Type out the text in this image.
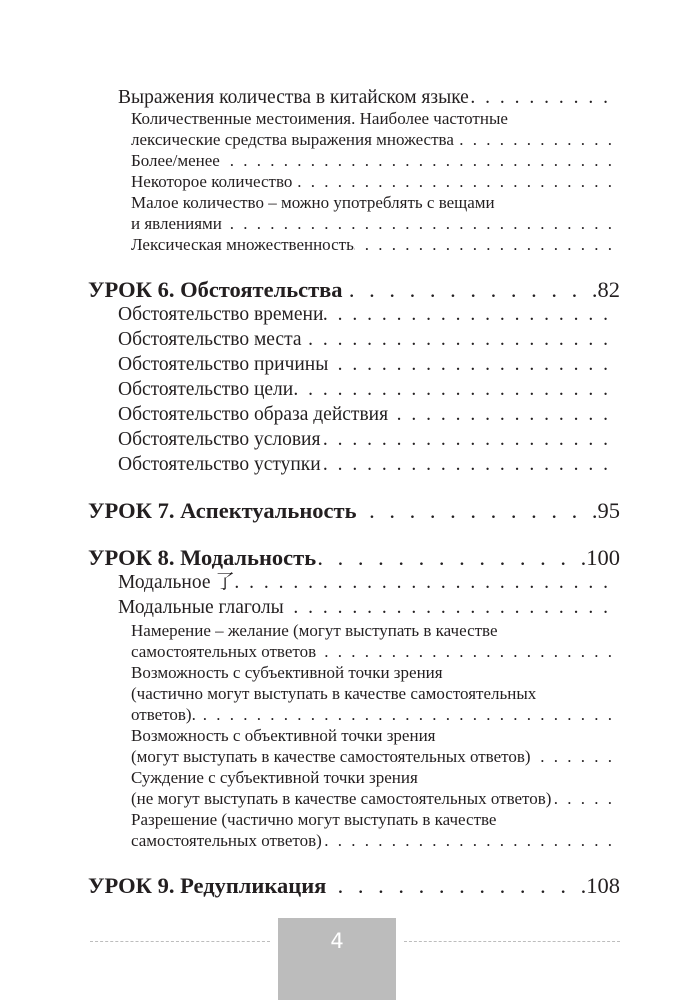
Выражения количества в китайском языке
. . .
Количественные местоимения. Наиболее частотные
лексические средства выражения множества
. . .
Более/менее
. . .
Некоторое количество
. . .
Малое количество – можно употреблять с вещами
и явлениями
. . .
Лексическая множественность
. . .
УРОК 6. Обстоятельства . . .	82
Обстоятельство времени
. . .
Обстоятельство места
. . .
Обстоятельство причины
. . .
Обстоятельство цели
. . .
Обстоятельство образа действия
. . .
Обстоятельство условия
. . .
Обстоятельство уступки
. . .
УРОК 7. Аспектуальность . . .	95
УРОК 8. Модальность . . .	100
Модальное 了
. . .
Модальные глаголы
. . .
Намерение – желание (могут выступать в качестве
самостоятельных ответов
. . .
Возможность с субъективной точки зрения
(частично могут выступать в качестве самостоятельных
ответов).
. . .
Возможность с объективной точки зрения
(могут выступать в качестве самостоятельных ответов)
. . .
Суждение с субъективной точки зрения
(не могут выступать в качестве самостоятельных ответов)
. . .
Разрешение (частично могут выступать в качестве
самостоятельных ответов)
. . .
УРОК 9. Редупликация . . .	108
4
